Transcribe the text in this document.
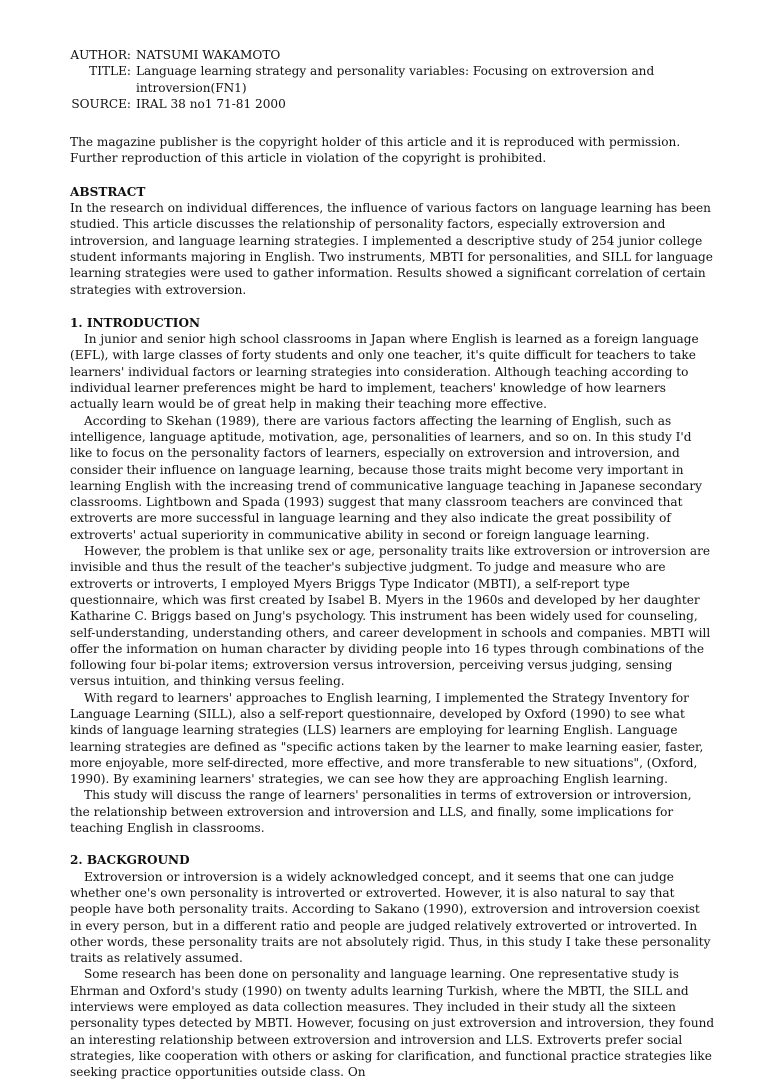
AUTHOR: NATSUMI WAKAMOTO
TITLE: Language learning strategy and personality variables: Focusing on extroversion and introversion(FN1)
SOURCE: IRAL 38 no1 71-81 2000
The magazine publisher is the copyright holder of this article and it is reproduced with permission. Further reproduction of this article in violation of the copyright is prohibited.
ABSTRACT
In the research on individual differences, the influence of various factors on language learning has been studied. This article discusses the relationship of personality factors, especially extroversion and introversion, and language learning strategies. I implemented a descriptive study of 254 junior college student informants majoring in English. Two instruments, MBTI for personalities, and SILL for language learning strategies were used to gather information. Results showed a significant correlation of certain strategies with extroversion.
1. INTRODUCTION
In junior and senior high school classrooms in Japan where English is learned as a foreign language (EFL), with large classes of forty students and only one teacher, it's quite difficult for teachers to take learners' individual factors or learning strategies into consideration. Although teaching according to individual learner preferences might be hard to implement, teachers' knowledge of how learners actually learn would be of great help in making their teaching more effective.
According to Skehan (1989), there are various factors affecting the learning of English, such as intelligence, language aptitude, motivation, age, personalities of learners, and so on. In this study I'd like to focus on the personality factors of learners, especially on extroversion and introversion, and consider their influence on language learning, because those traits might become very important in learning English with the increasing trend of communicative language teaching in Japanese secondary classrooms. Lightbown and Spada (1993) suggest that many classroom teachers are convinced that extroverts are more successful in language learning and they also indicate the great possibility of extroverts' actual superiority in communicative ability in second or foreign language learning.
However, the problem is that unlike sex or age, personality traits like extroversion or introversion are invisible and thus the result of the teacher's subjective judgment. To judge and measure who are extroverts or introverts, I employed Myers Briggs Type Indicator (MBTI), a self-report type questionnaire, which was first created by Isabel B. Myers in the 1960s and developed by her daughter Katharine C. Briggs based on Jung's psychology. This instrument has been widely used for counseling, self-understanding, understanding others, and career development in schools and companies. MBTI will offer the information on human character by dividing people into 16 types through combinations of the following four bi-polar items; extroversion versus introversion, perceiving versus judging, sensing versus intuition, and thinking versus feeling.
With regard to learners' approaches to English learning, I implemented the Strategy Inventory for Language Learning (SILL), also a self-report questionnaire, developed by Oxford (1990) to see what kinds of language learning strategies (LLS) learners are employing for learning English. Language learning strategies are defined as "specific actions taken by the learner to make learning easier, faster, more enjoyable, more self-directed, more effective, and more transferable to new situations", (Oxford, 1990). By examining learners' strategies, we can see how they are approaching English learning.
This study will discuss the range of learners' personalities in terms of extroversion or introversion, the relationship between extroversion and introversion and LLS, and finally, some implications for teaching English in classrooms.
2. BACKGROUND
Extroversion or introversion is a widely acknowledged concept, and it seems that one can judge whether one's own personality is introverted or extroverted. However, it is also natural to say that people have both personality traits. According to Sakano (1990), extroversion and introversion coexist in every person, but in a different ratio and people are judged relatively extroverted or introverted. In other words, these personality traits are not absolutely rigid. Thus, in this study I take these personality traits as relatively assumed.
Some research has been done on personality and language learning. One representative study is Ehrman and Oxford's study (1990) on twenty adults learning Turkish, where the MBTI, the SILL and interviews were employed as data collection measures. They included in their study all the sixteen personality types detected by MBTI. However, focusing on just extroversion and introversion, they found an interesting relationship between extroversion and introversion and LLS. Extroverts prefer social strategies, like cooperation with others or asking for clarification, and functional practice strategies like seeking practice opportunities outside class. On
